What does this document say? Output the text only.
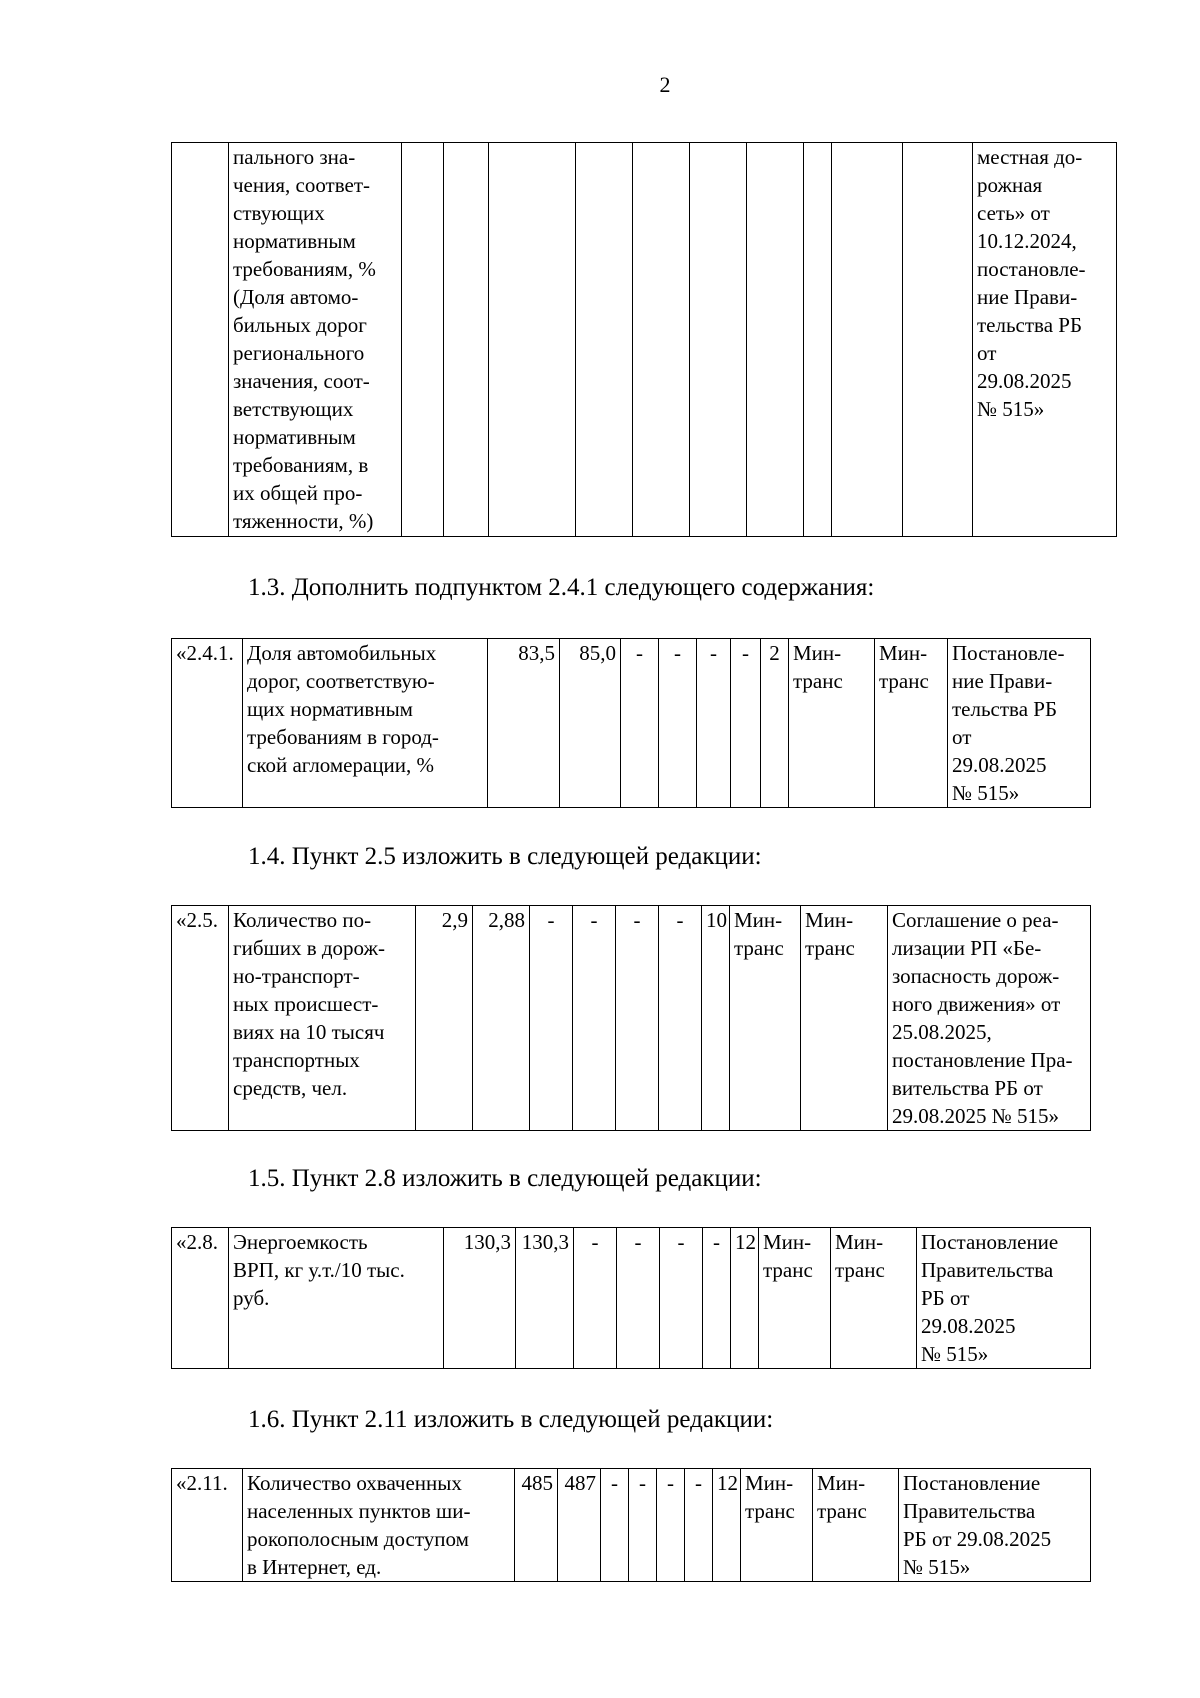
2
	пального зна-
чения, соответ-
ствующих
нормативным
требованиям, %
(Доля автомо-
бильных дорог
регионального
значения, соот-
ветствующих
нормативным
требованиям, в
их общей про-
тяженности, %)											местная до-
рожная
сеть» от
10.12.2024,
постановле-
ние Прави-
тельства РБ
от
29.08.2025
№ 515»
1.3. Дополнить подпунктом 2.4.1 следующего содержания:
«2.4.1.	Доля автомобильных
дорог, соответствую-
щих нормативным
требованиям в город-
ской агломерации, %	83,5	85,0	-	-	-	-	2	Мин-
транс	Мин-
транс	Постановле-
ние Прави-
тельства РБ
от
29.08.2025
№ 515»
1.4. Пункт 2.5 изложить в следующей редакции:
«2.5.	Количество по-
гибших в дорож-
но-транспорт-
ных происшест-
виях на 10 тысяч
транспортных
средств, чел.	2,9	2,88	-	-	-	-	10	Мин-
транс	Мин-
транс	Соглашение о реа-
лизации РП «Бе-
зопасность дорож-
ного движения» от
25.08.2025,
постановление Пра-
вительства РБ от
29.08.2025 № 515»
1.5. Пункт 2.8 изложить в следующей редакции:
«2.8.	Энергоемкость
ВРП, кг у.т./10 тыс.
руб.	130,3	130,3	-	-	-	-	12	Мин-
транс	Мин-
транс	Постановление
Правительства
РБ от
29.08.2025
№ 515»
1.6. Пункт 2.11 изложить в следующей редакции:
«2.11.	Количество охваченных
населенных пунктов ши-
рокополосным доступом
в Интернет, ед.	485	487	-	-	-	-	12	Мин-
транс	Мин-
транс	Постановление
Правительства
РБ от 29.08.2025
№ 515»
